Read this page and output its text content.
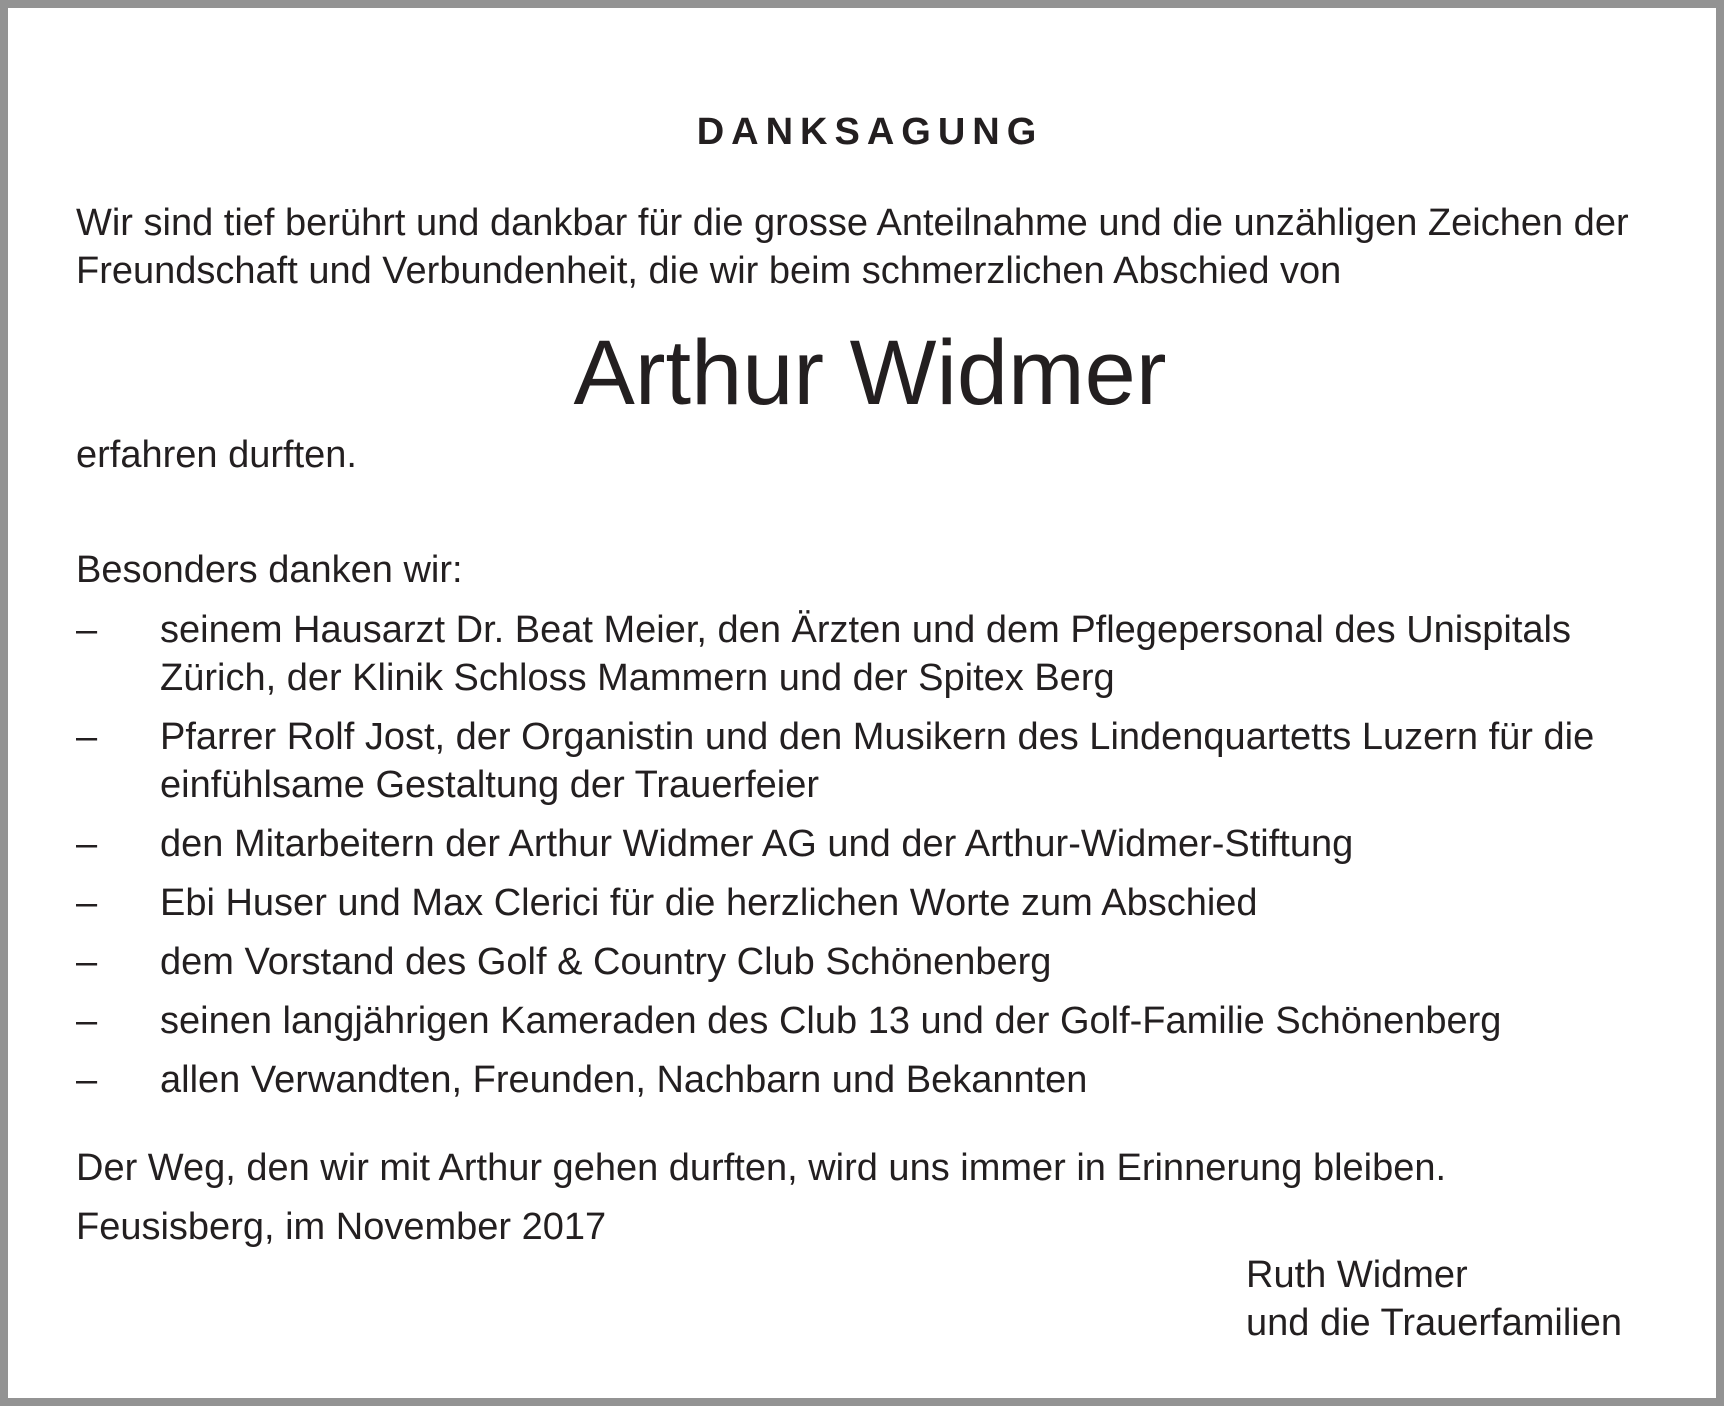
DANKSAGUNG

Wir sind tief berührt und dankbar für die grosse Anteilnahme und die unzähligen Zeichen der Freundschaft und Verbundenheit, die wir beim schmerzlichen Abschied von

Arthur Widmer

erfahren durften.

Besonders danken wir:

– seinem Hausarzt Dr. Beat Meier, den Ärzten und dem Pflegepersonal des Unispitals Zürich, der Klinik Schloss Mammern und der Spitex Berg
– Pfarrer Rolf Jost, der Organistin und den Musikern des Lindenquartetts Luzern für die einfühlsame Gestaltung der Trauerfeier
– den Mitarbeitern der Arthur Widmer AG und der Arthur-Widmer-Stiftung
– Ebi Huser und Max Clerici für die herzlichen Worte zum Abschied
– dem Vorstand des Golf & Country Club Schönenberg
– seinen langjährigen Kameraden des Club 13 und der Golf-Familie Schönenberg
– allen Verwandten, Freunden, Nachbarn und Bekannten

Der Weg, den wir mit Arthur gehen durften, wird uns immer in Erinnerung bleiben.

Feusisberg, im November 2017

Ruth Widmer
und die Trauerfamilien
